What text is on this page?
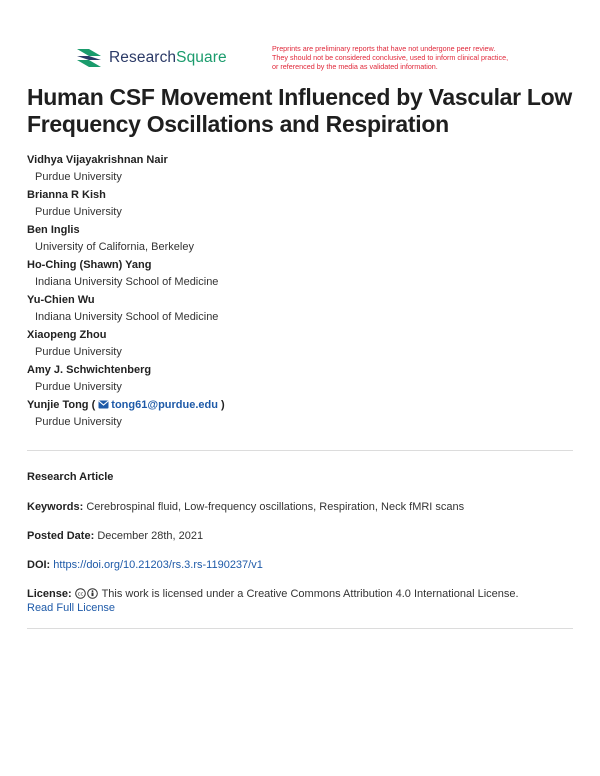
ResearchSquare
Preprints are preliminary reports that have not undergone peer review.
They should not be considered conclusive, used to inform clinical practice,
or referenced by the media as validated information.
Human CSF Movement Influenced by Vascular Low Frequency Oscillations and Respiration
Vidhya Vijayakrishnan Nair
Purdue University
Brianna R Kish
Purdue University
Ben Inglis
University of California, Berkeley
Ho-Ching (Shawn) Yang
Indiana University School of Medicine
Yu-Chien Wu
Indiana University School of Medicine
Xiaopeng Zhou
Purdue University
Amy J. Schwichtenberg
Purdue University
Yunjie Tong ( tong61@purdue.edu )
Purdue University
Research Article
Keywords: Cerebrospinal fluid, Low-frequency oscillations, Respiration, Neck fMRI scans
Posted Date: December 28th, 2021
DOI: https://doi.org/10.21203/rs.3.rs-1190237/v1
License: cc This work is licensed under a Creative Commons Attribution 4.0 International License.
Read Full License
